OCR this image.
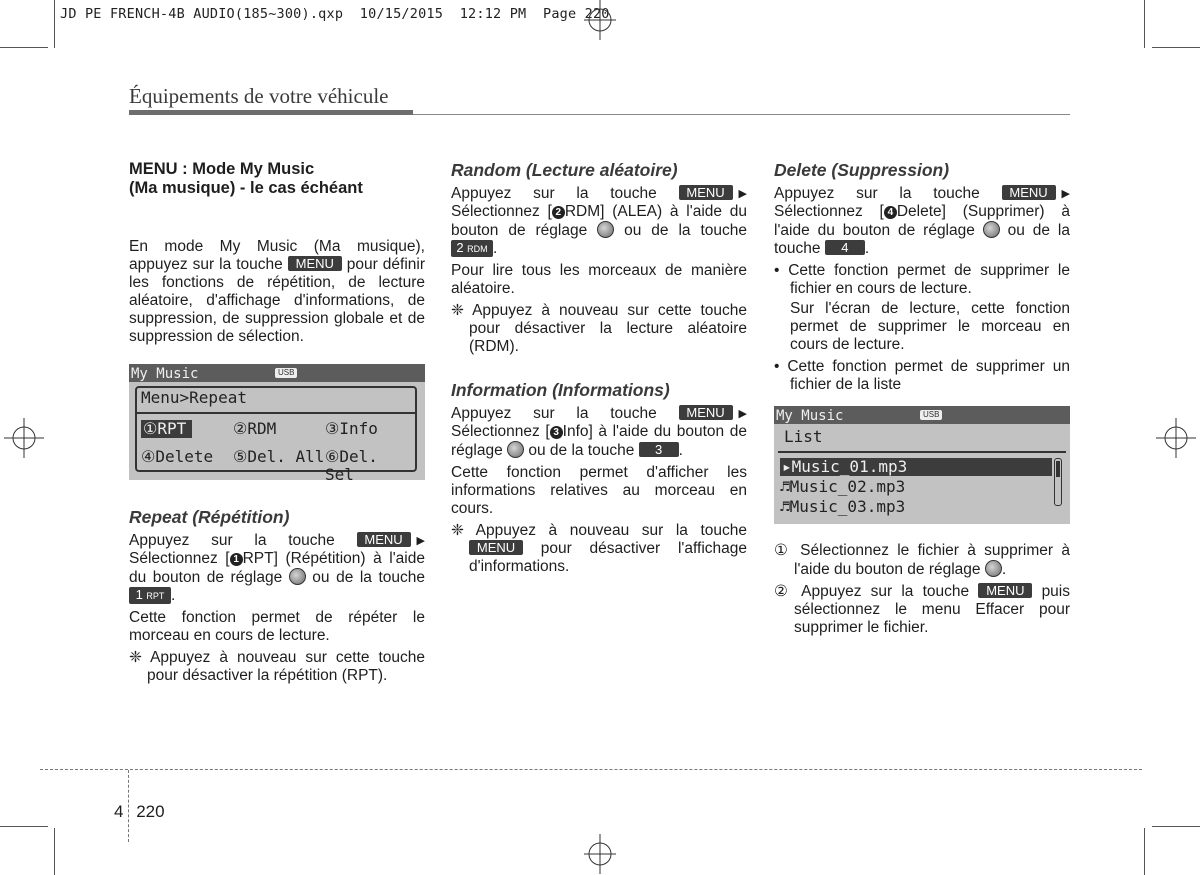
JD PE FRENCH-4B AUDIO(185~300).qxp  10/15/2015  12:12 PM  Page 220
Équipements de votre véhicule

MENU : Mode My Music

(Ma musique) - le cas échéant

En mode My Music (Ma musique), appuyez sur la touche MENU pour définir les fonctions de répétition, de lecture aléatoire, d'affichage d'informations, de suppression, de suppression globale et de suppression de sélection.

My Music	USB
Menu>Repeat
①RPT	②RDM	③Info
④Delete ⑤Del. All ⑥Del. Sel

Repeat (Répétition)

Appuyez sur la touche MENU ▶ Sélectionnez [ 1 RPT] (Répétition) à l'aide du bouton de réglage ou de la touche 1 RPT .

Cette fonction permet de répéter le morceau en cours de lecture.

❈ Appuyez à nouveau sur cette touche pour désactiver la répétition (RPT).

Random (Lecture aléatoire)

Appuyez sur la touche MENU ▶ Sélectionnez [ 2 RDM] (ALEA) à l'aide du bouton de réglage ou de la touche 2 RDM .

Pour lire tous les morceaux de manière aléatoire.

❈ Appuyez à nouveau sur cette touche pour désactiver la lecture aléatoire (RDM).

Information (Informations)

Appuyez sur la touche MENU ▶ Sélectionnez [ 3 Info] à l'aide du bouton de réglage ou de la touche 3 .

Cette fonction permet d'afficher les informations relatives au morceau en cours.

❈ Appuyez à nouveau sur la touche MENU pour désactiver l'affichage d'informations.

Delete (Suppression)

Appuyez sur la touche MENU ▶ Sélectionnez [ 4 Delete] (Supprimer) à l'aide du bouton de réglage ou de la touche 4 .

• Cette fonction permet de supprimer le fichier en cours de lecture.

Sur l'écran de lecture, cette fonction permet de supprimer le morceau en cours de lecture.

• Cette fonction permet de supprimer un fichier de la liste

My Music	USB
List
▸Music_01.mp3
♬Music_02.mp3
♬Music_03.mp3

① Sélectionnez le fichier à supprimer à l'aide du bouton de réglage .

② Appuyez sur la touche MENU puis sélectionnez le menu Effacer pour supprimer le fichier.

4 220
